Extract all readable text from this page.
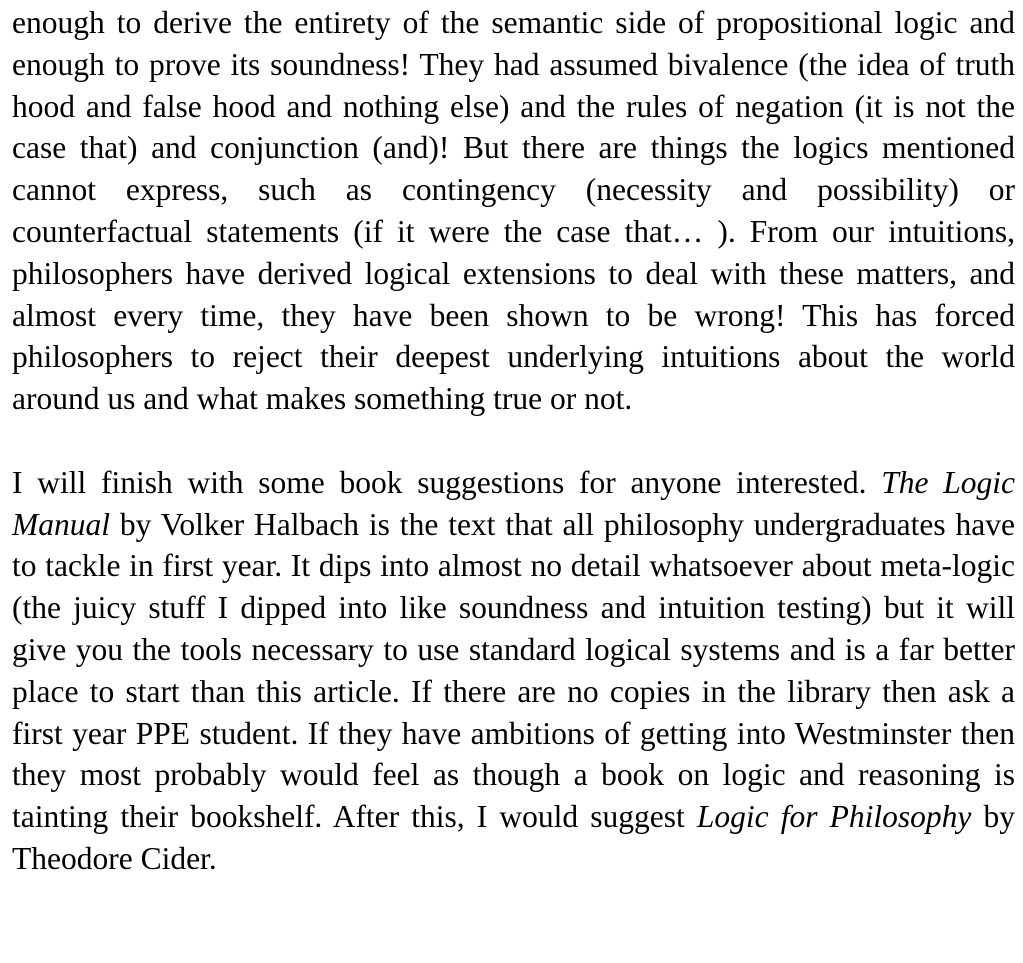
enough to derive the entirety of the semantic side of propositional logic and enough to prove its soundness! They had assumed bivalence (the idea of truth hood and false hood and nothing else) and the rules of negation (it is not the case that) and conjunction (and)! But there are things the logics mentioned cannot express, such as contingency (necessity and possibility) or counterfactual statements (if it were the case that… ). From our intuitions, philosophers have derived logical extensions to deal with these matters, and almost every time, they have been shown to be wrong! This has forced philosophers to reject their deepest underlying intuitions about the world around us and what makes something true or not.

I will finish with some book suggestions for anyone interested. The Logic Manual by Volker Halbach is the text that all philosophy undergraduates have to tackle in first year. It dips into almost no detail whatsoever about meta-logic (the juicy stuff I dipped into like soundness and intuition testing) but it will give you the tools necessary to use standard logical systems and is a far better place to start than this article. If there are no copies in the library then ask a first year PPE student. If they have ambitions of getting into Westminster then they most probably would feel as though a book on logic and reasoning is tainting their bookshelf. After this, I would suggest Logic for Philosophy by Theodore Cider.
